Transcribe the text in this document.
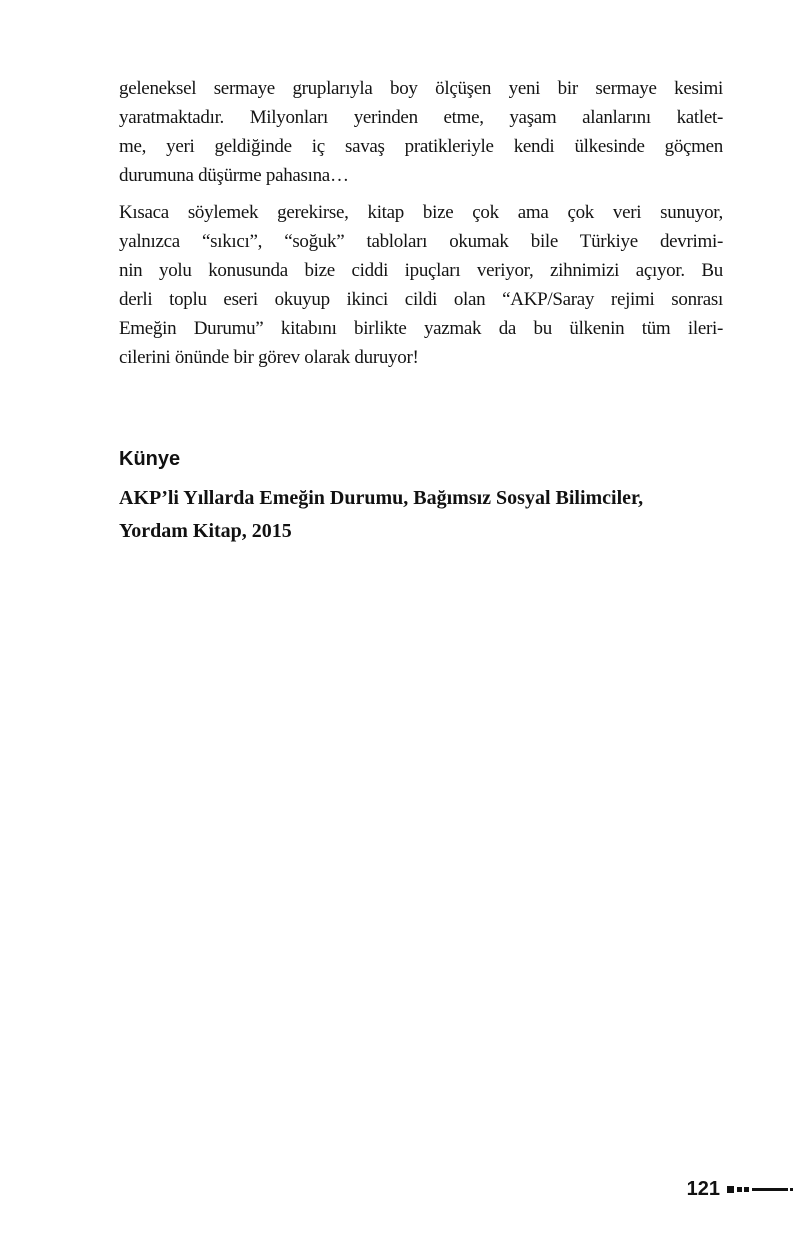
geleneksel sermaye gruplarıyla boy ölçüşen yeni bir sermaye kesimi
yaratmaktadır. Milyonları yerinden etme, yaşam alanlarını katlet-
me, yeri geldiğinde iç savaş pratikleriyle kendi ülkesinde göçmen
durumuna düşürme pahasına…
Kısaca söylemek gerekirse, kitap bize çok ama çok veri sunuyor,
yalnızca “sıkıcı”, “soğuk” tabloları okumak bile Türkiye devrimi-
nin yolu konusunda bize ciddi ipuçları veriyor, zihnimizi açıyor. Bu
derli toplu eseri okuyup ikinci cildi olan “AKP/Saray rejimi sonrası
Emeğin Durumu” kitabını birlikte yazmak da bu ülkenin tüm ileri-
cilerini önünde bir görev olarak duruyor!
Künye
AKP’li Yıllarda Emeğin Durumu, Bağımsız Sosyal Bilimciler,
Yordam Kitap, 2015
121
